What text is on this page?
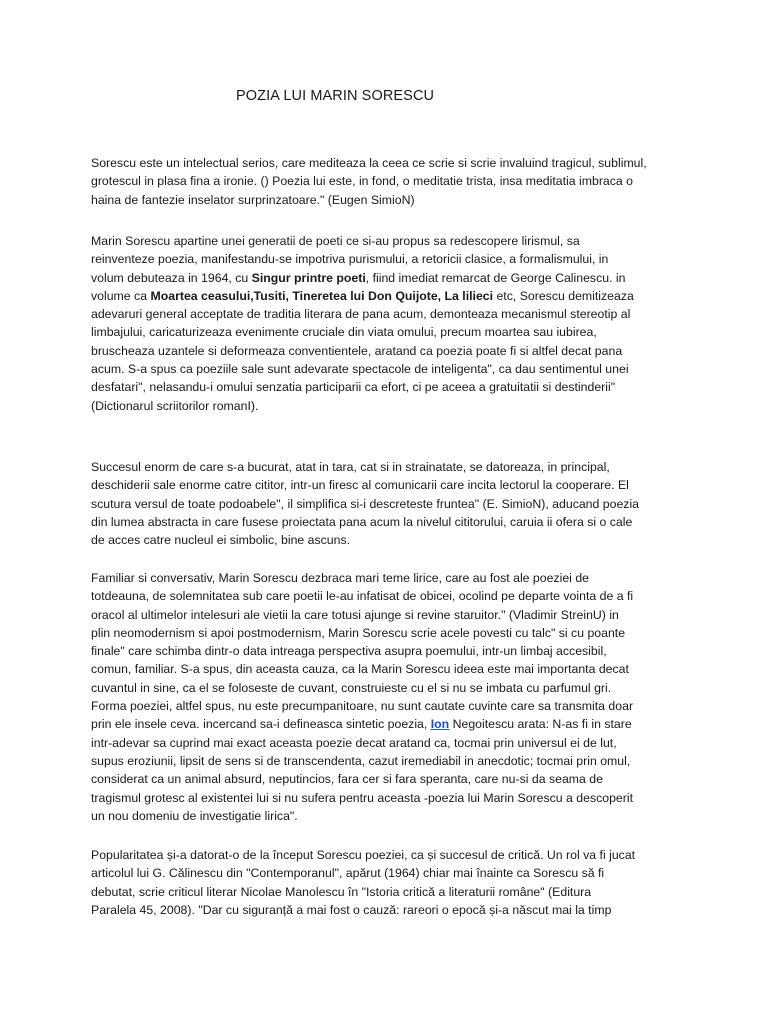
POZIA LUI MARIN SORESCU
Sorescu este un intelectual serios, care mediteaza la ceea ce scrie si scrie invaluind tragicul, sublimul,
grotescul in plasa fina a ironie. () Poezia lui este, in fond, o meditatie trista, insa meditatia imbraca o
haina de fantezie inselator surprinzatoare." (Eugen SimioN)
Marin Sorescu apartine unei generatii de poeti ce si-au propus sa redescopere lirismul, sa
reinventeze poezia, manifestandu-se impotriva purismului, a retoricii clasice, a formalismului, in
volum debuteaza in 1964, cu Singur printre poeti, fiind imediat remarcat de George Calinescu. in
volume ca Moartea ceasului,Tusiti, Tineretea lui Don Quijote, La lilieci etc, Sorescu demitizeaza
adevaruri general acceptate de traditia literara de pana acum, demonteaza mecanismul stereotip al
limbajului, caricaturizeaza evenimente cruciale din viata omului, precum moartea sau iubirea,
bruscheaza uzantele si deformeaza conventientele, aratand ca poezia poate fi si altfel decat pana
acum. S-a spus ca poeziile sale sunt adevarate spectacole de inteligenta", ca dau sentimentul unei
desfatari", nelasandu-i omului senzatia participarii ca efort, ci pe aceea a gratuitatii si destinderii"
(Dictionarul scriitorilor romanI).
Succesul enorm de care s-a bucurat, atat in tara, cat si in strainatate, se datoreaza, in principal,
deschiderii sale enorme catre cititor, intr-un firesc al comunicarii care incita lectorul la cooperare. El
scutura versul de toate podoabele", il simplifica si-i descreteste fruntea" (E. SimioN), aducand poezia
din lumea abstracta in care fusese proiectata pana acum la nivelul cititorului, caruia ii ofera si o cale
de acces catre nucleul ei simbolic, bine ascuns.
Familiar si conversativ, Marin Sorescu dezbraca mari teme lirice, care au fost ale poeziei de
totdeauna, de solemnitatea sub care poetii le-au infatisat de obicei, ocolind pe departe vointa de a fi
oracol al ultimelor intelesuri ale vietii la care totusi ajunge si revine staruitor." (Vladimir StreinU) in
plin neomodernism si apoi postmodernism, Marin Sorescu scrie acele povesti cu talc" si cu poante
finale" care schimba dintr-o data intreaga perspectiva asupra poemului, intr-un limbaj accesibil,
comun, familiar. S-a spus, din aceasta cauza, ca la Marin Sorescu ideea este mai importanta decat
cuvantul in sine, ca el se foloseste de cuvant, construieste cu el si nu se imbata cu parfumul gri.
Forma poeziei, altfel spus, nu este precumpanitoare, nu sunt cautate cuvinte care sa transmita doar
prin ele insele ceva. incercand sa-i defineasca sintetic poezia, Ion Negoitescu arata: N-as fi in stare
intr-adevar sa cuprind mai exact aceasta poezie decat aratand ca, tocmai prin universul ei de lut,
supus eroziunii, lipsit de sens si de transcendenta, cazut iremediabil in anecdotic; tocmai prin omul,
considerat ca un animal absurd, neputincios, fara cer si fara speranta, care nu-si da seama de
tragismul grotesc al existentei lui si nu sufera pentru aceasta -poezia lui Marin Sorescu a descoperit
un nou domeniu de investigatie lirica".
Popularitatea și-a datorat-o de la început Sorescu poeziei, ca și succesul de critică. Un rol va fi jucat
articolul lui G. Călinescu din "Contemporanul", apărut (1964) chiar mai înainte ca Sorescu să fi
debutat, scrie criticul literar Nicolae Manolescu în "Istoria critică a literaturii române" (Editura
Paralela 45, 2008). "Dar cu siguranță a mai fost o cauză: rareori o epocă și-a născut mai la timp
